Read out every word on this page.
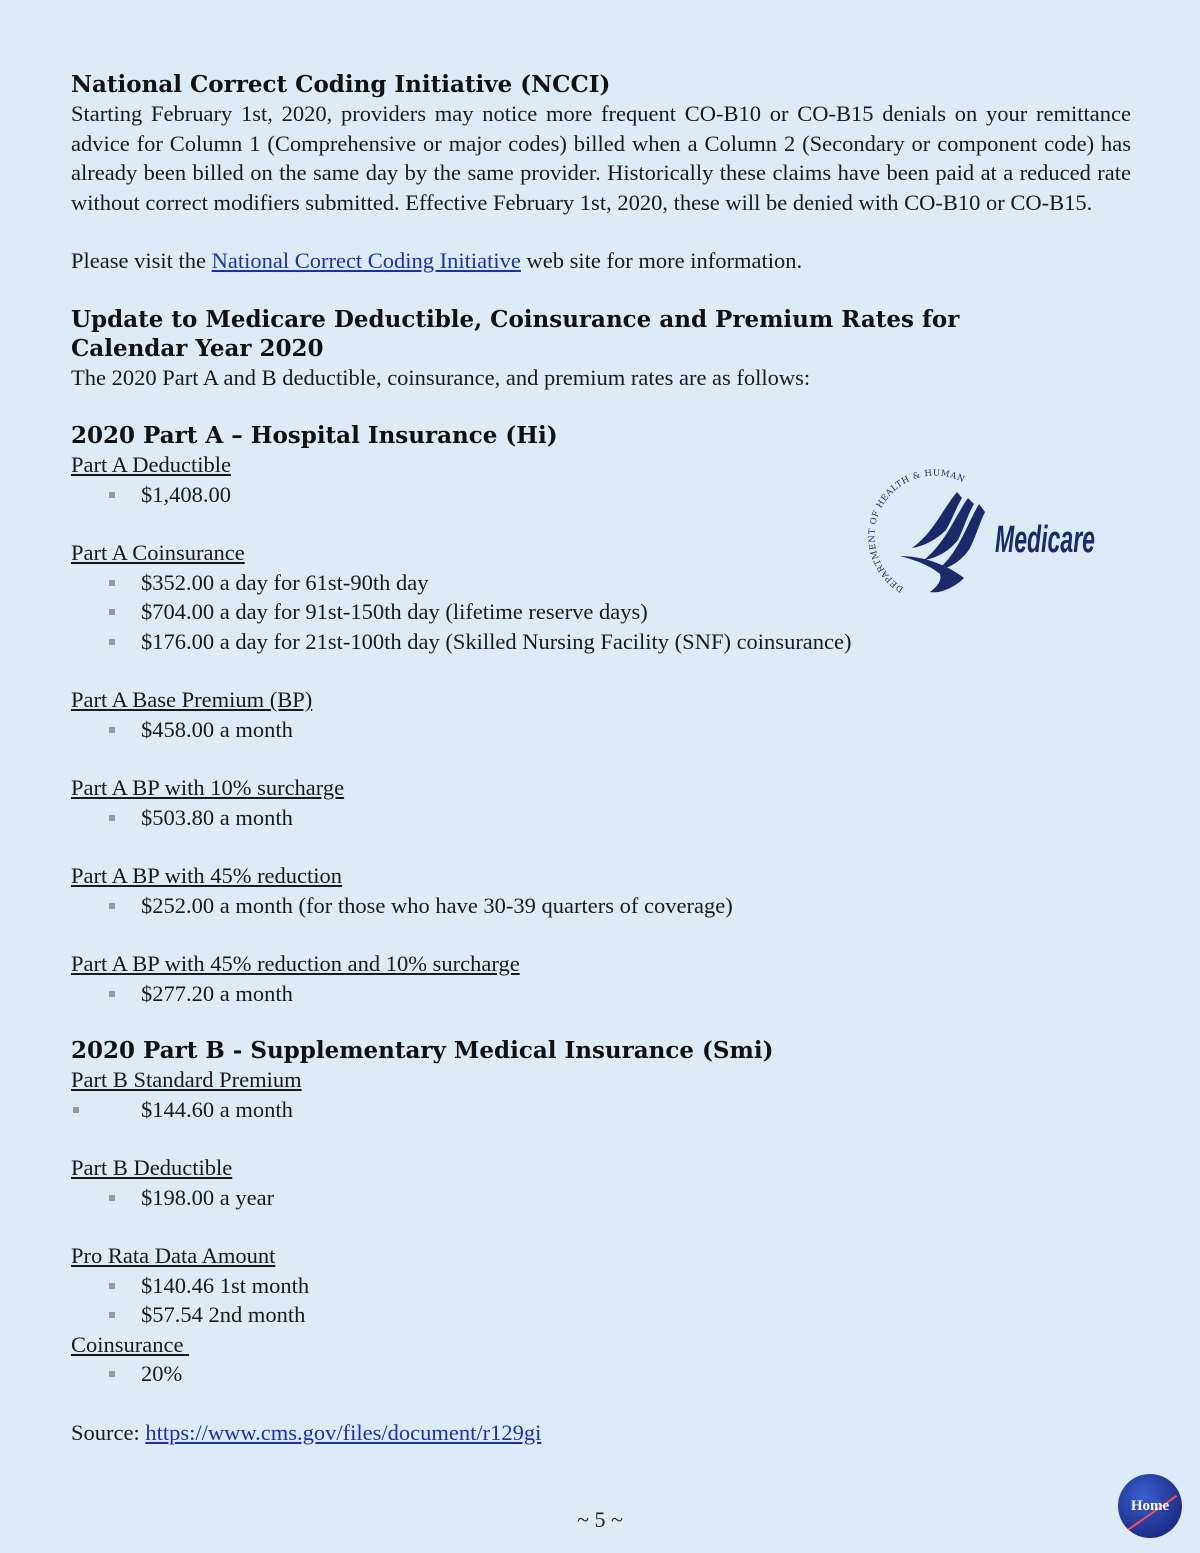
National Correct Coding Initiative (NCCI)

Starting February 1st, 2020, providers may notice more frequent CO-B10 or CO-B15 denials on your remittance advice for Column 1 (Comprehensive or major codes) billed when a Column 2 (Secondary or component code) has already been billed on the same day by the same provider. Historically these claims have been paid at a reduced rate without correct modifiers submitted. Effective February 1st, 2020, these will be denied with CO-B10 or CO-B15.

Please visit the National Correct Coding Initiative web site for more information.

Update to Medicare Deductible, Coinsurance and Premium Rates for
Calendar Year 2020

The 2020 Part A and B deductible, coinsurance, and premium rates are as follows:

2020 Part A – Hospital Insurance (Hi)
Part A Deductible
$1,408.00
Part A Coinsurance
$352.00 a day for 61st-90th day
$704.00 a day for 91st-150th day (lifetime reserve days)
$176.00 a day for 21st-100th day (Skilled Nursing Facility (SNF) coinsurance)
Part A Base Premium (BP)
$458.00 a month
Part A BP with 10% surcharge
$503.80 a month
Part A BP with 45% reduction
$252.00 a month (for those who have 30-39 quarters of coverage)
Part A BP with 45% reduction and 10% surcharge
$277.20 a month
2020 Part B - Supplementary Medical Insurance (Smi)
Part B Standard Premium
$144.60 a month
Part B Deductible
$198.00 a year
Pro Rata Data Amount
$140.46 1st month
$57.54 2nd month
Coinsurance
20%

Source: https://www.cms.gov/files/document/r129gi

DEPARTMENT OF HEALTH & HUMAN
Medicare
~ 5 ~
Home
